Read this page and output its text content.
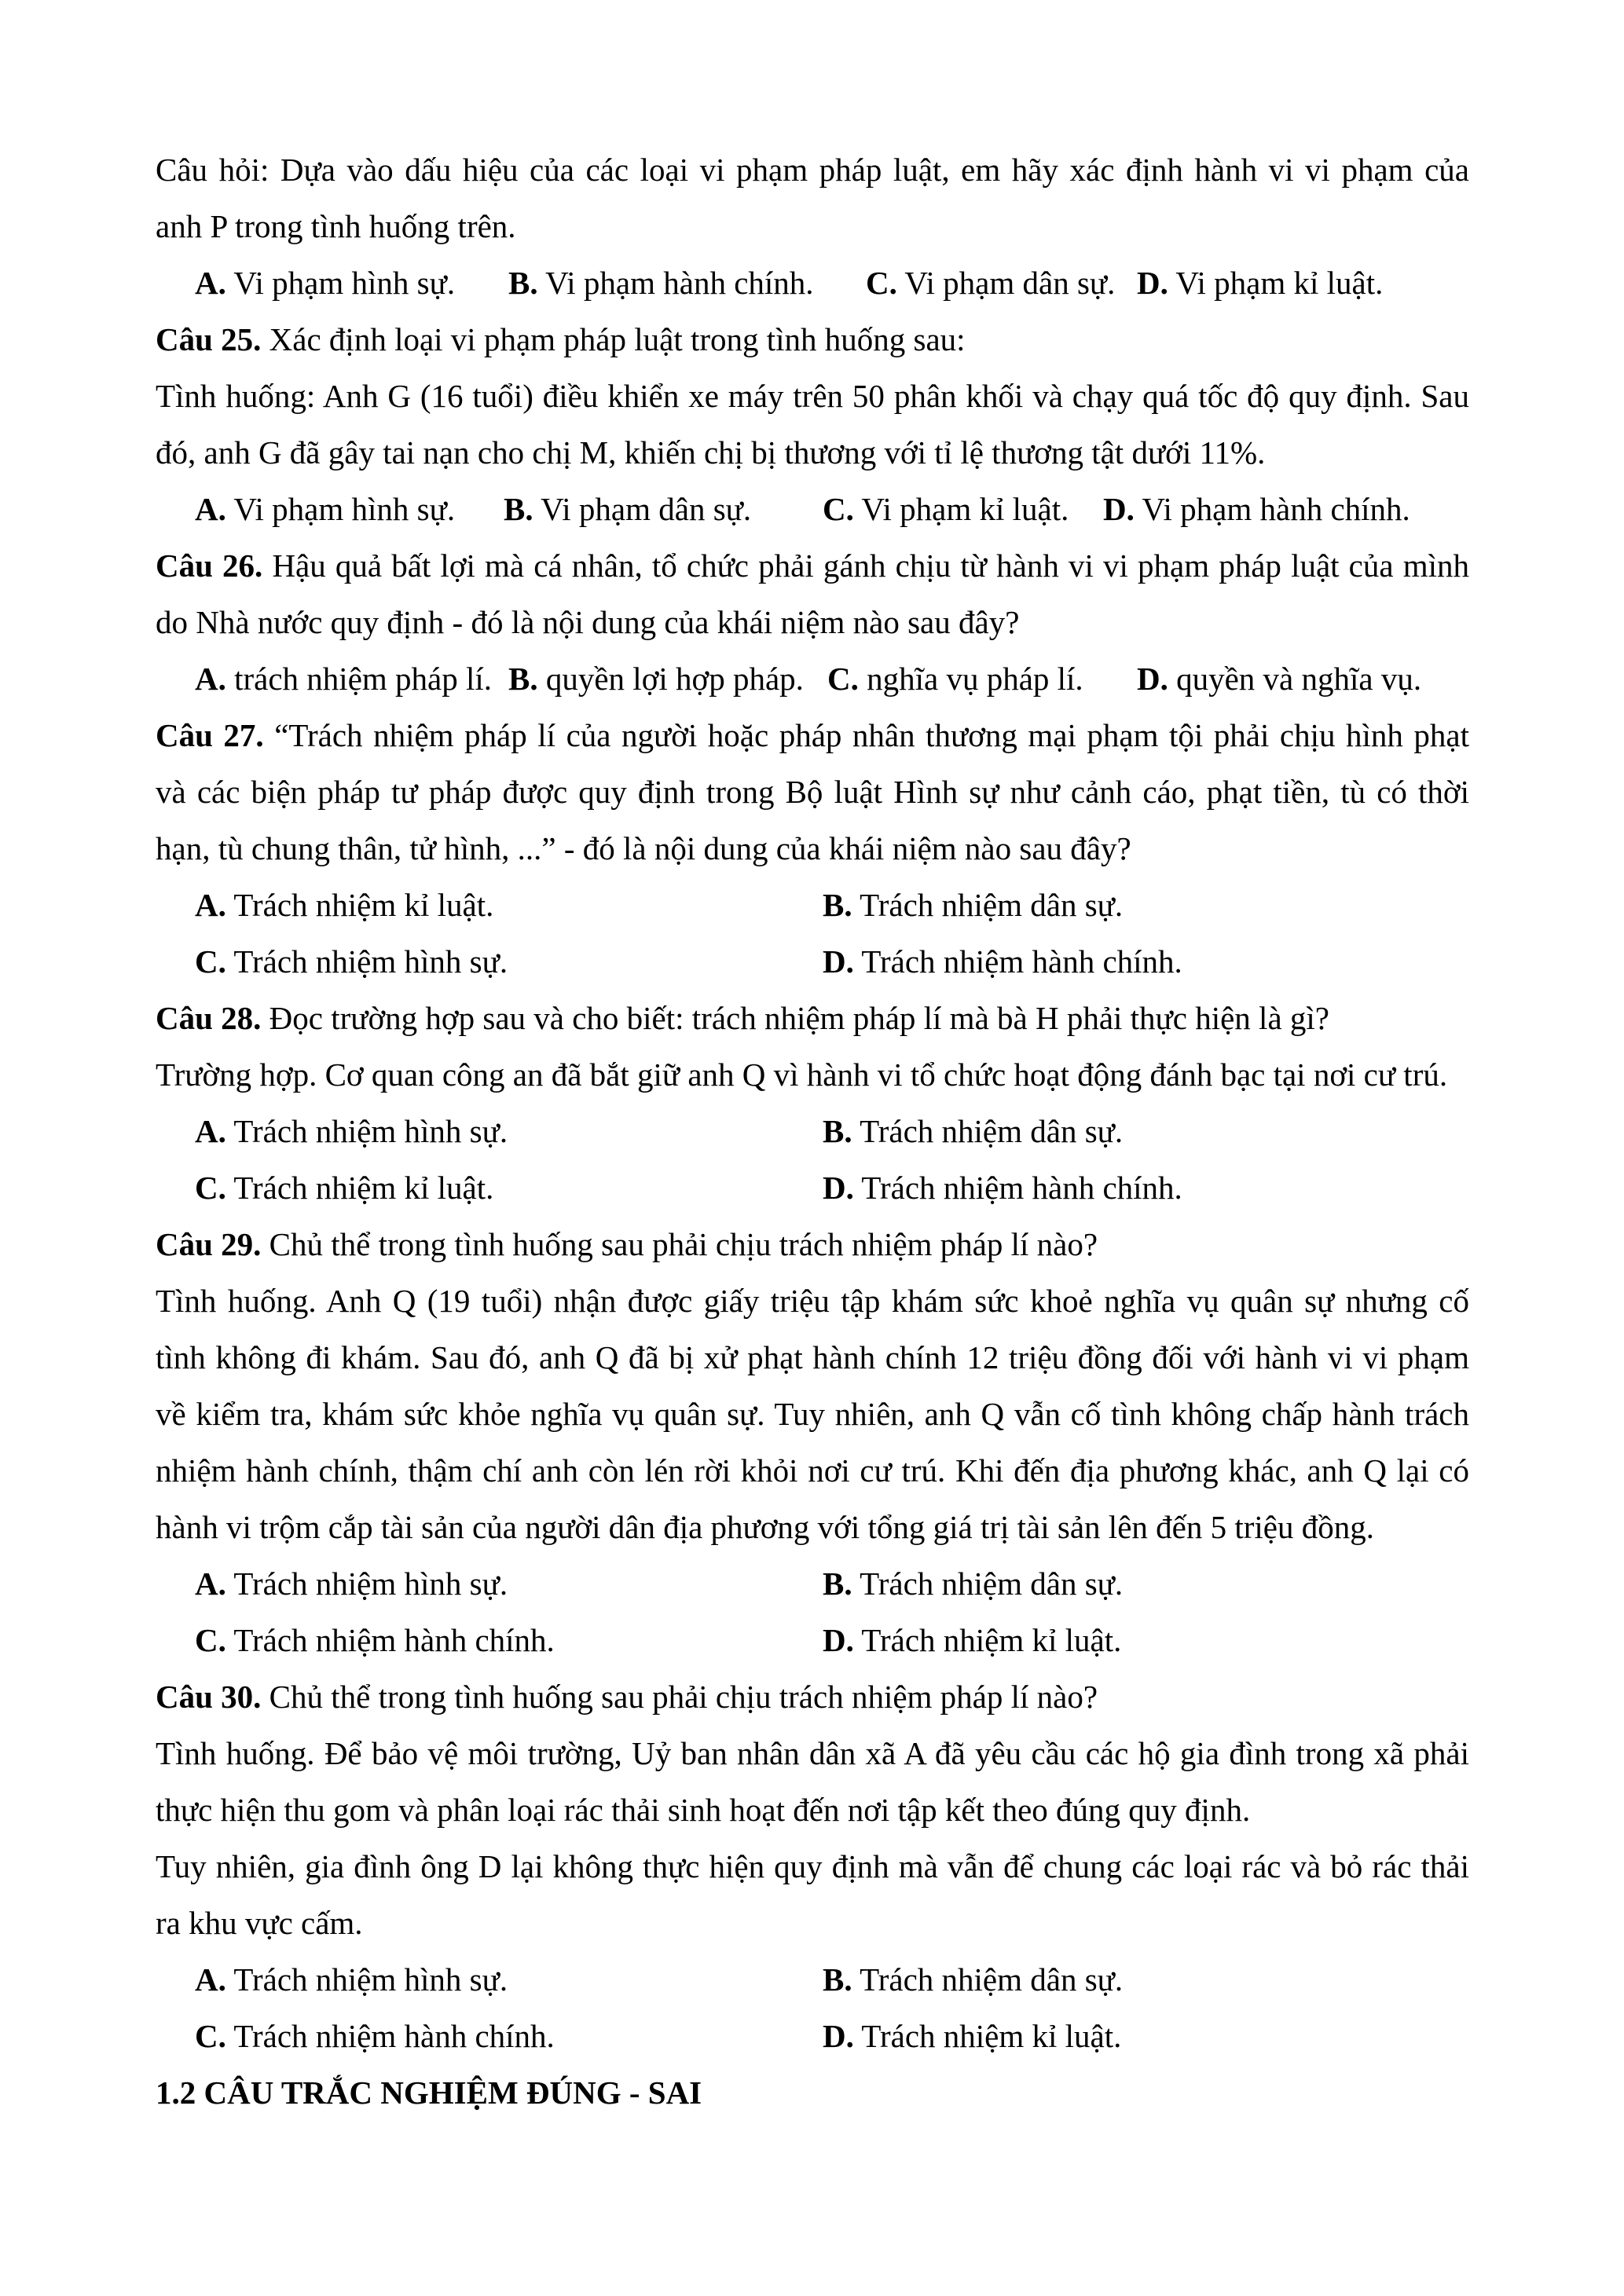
Câu hỏi: Dựa vào dấu hiệu của các loại vi phạm pháp luật, em hãy xác định hành vi vi phạm của

anh P trong tình huống trên.

A. Vi phạm hình sự. B. Vi phạm hành chính. C. Vi phạm dân sự. D. Vi phạm kỉ luật.

Câu 25. Xác định loại vi phạm pháp luật trong tình huống sau:

Tình huống: Anh G (16 tuổi) điều khiển xe máy trên 50 phân khối và chạy quá tốc độ quy định. Sau

đó, anh G đã gây tai nạn cho chị M, khiến chị bị thương với tỉ lệ thương tật dưới 11%.

A. Vi phạm hình sự. B. Vi phạm dân sự. C. Vi phạm kỉ luật. D. Vi phạm hành chính.

Câu 26. Hậu quả bất lợi mà cá nhân, tổ chức phải gánh chịu từ hành vi vi phạm pháp luật của mình

do Nhà nước quy định - đó là nội dung của khái niệm nào sau đây?

A. trách nhiệm pháp lí. B. quyền lợi hợp pháp. C. nghĩa vụ pháp lí. D. quyền và nghĩa vụ.

Câu 27. “Trách nhiệm pháp lí của người hoặc pháp nhân thương mại phạm tội phải chịu hình phạt

và các biện pháp tư pháp được quy định trong Bộ luật Hình sự như cảnh cáo, phạt tiền, tù có thời

hạn, tù chung thân, tử hình, ...” - đó là nội dung của khái niệm nào sau đây?

A. Trách nhiệm kỉ luật.	B. Trách nhiệm dân sự.

C. Trách nhiệm hình sự.	D. Trách nhiệm hành chính.

Câu 28. Đọc trường hợp sau và cho biết: trách nhiệm pháp lí mà bà H phải thực hiện là gì?

Trường hợp. Cơ quan công an đã bắt giữ anh Q vì hành vi tổ chức hoạt động đánh bạc tại nơi cư trú.

A. Trách nhiệm hình sự.	B. Trách nhiệm dân sự.

C. Trách nhiệm kỉ luật.	D. Trách nhiệm hành chính.

Câu 29. Chủ thể trong tình huống sau phải chịu trách nhiệm pháp lí nào?

Tình huống. Anh Q (19 tuổi) nhận được giấy triệu tập khám sức khoẻ nghĩa vụ quân sự nhưng cố

tình không đi khám. Sau đó, anh Q đã bị xử phạt hành chính 12 triệu đồng đối với hành vi vi phạm

về kiểm tra, khám sức khỏe nghĩa vụ quân sự. Tuy nhiên, anh Q vẫn cố tình không chấp hành trách

nhiệm hành chính, thậm chí anh còn lén rời khỏi nơi cư trú. Khi đến địa phương khác, anh Q lại có

hành vi trộm cắp tài sản của người dân địa phương với tổng giá trị tài sản lên đến 5 triệu đồng.

A. Trách nhiệm hình sự.	B. Trách nhiệm dân sự.

C. Trách nhiệm hành chính.	D. Trách nhiệm kỉ luật.

Câu 30. Chủ thể trong tình huống sau phải chịu trách nhiệm pháp lí nào?

Tình huống. Để bảo vệ môi trường, Uỷ ban nhân dân xã A đã yêu cầu các hộ gia đình trong xã phải

thực hiện thu gom và phân loại rác thải sinh hoạt đến nơi tập kết theo đúng quy định.

Tuy nhiên, gia đình ông D lại không thực hiện quy định mà vẫn để chung các loại rác và bỏ rác thải

ra khu vực cấm.

A. Trách nhiệm hình sự.	B. Trách nhiệm dân sự.

C. Trách nhiệm hành chính.	D. Trách nhiệm kỉ luật.

1.2 CÂU TRẮC NGHIỆM ĐÚNG - SAI
